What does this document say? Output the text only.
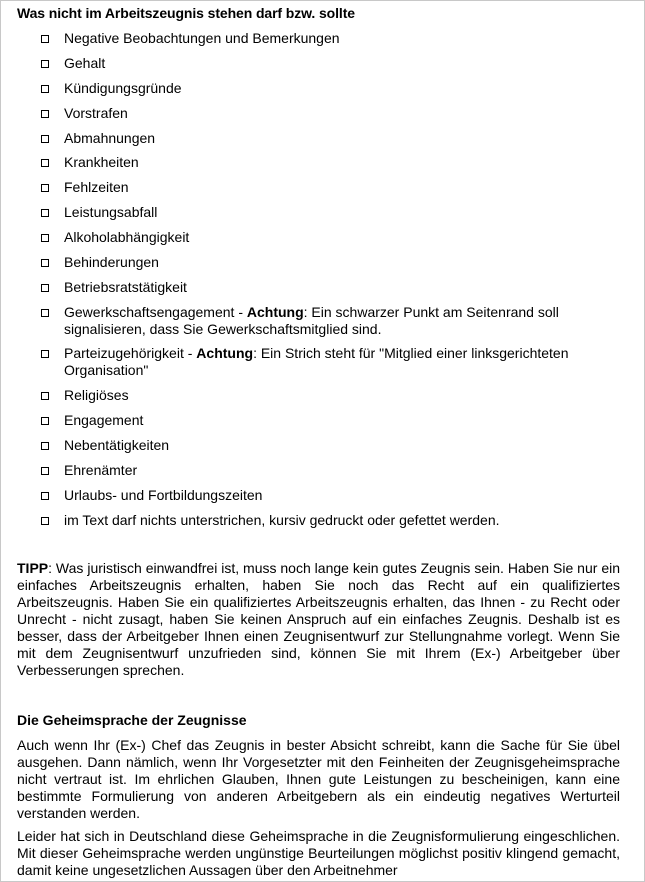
Was nicht im Arbeitszeugnis stehen darf bzw. sollte
Negative Beobachtungen und Bemerkungen
Gehalt
Kündigungsgründe
Vorstrafen
Abmahnungen
Krankheiten
Fehlzeiten
Leistungsabfall
Alkoholabhängigkeit
Behinderungen
Betriebsratstätigkeit
Gewerkschaftsengagement - Achtung: Ein schwarzer Punkt am Seitenrand soll signalisieren, dass Sie Gewerkschaftsmitglied sind.
Parteizugehörigkeit - Achtung: Ein Strich steht für "Mitglied einer linksgerichteten Organisation"
Religiöses
Engagement
Nebentätigkeiten
Ehrenämter
Urlaubs- und Fortbildungszeiten
im Text darf nichts unterstrichen, kursiv gedruckt oder gefettet werden.
TIPP: Was juristisch einwandfrei ist, muss noch lange kein gutes Zeugnis sein. Haben Sie nur ein einfaches Arbeitszeugnis erhalten, haben Sie noch das Recht auf ein qualifiziertes Arbeitszeugnis. Haben Sie ein qualifiziertes Arbeitszeugnis erhalten, das Ihnen - zu Recht oder Unrecht - nicht zusagt, haben Sie keinen Anspruch auf ein einfaches Zeugnis. Deshalb ist es besser, dass der Arbeitgeber Ihnen einen Zeugnisentwurf zur Stellungnahme vorlegt. Wenn Sie mit dem Zeugnisentwurf unzufrieden sind, können Sie mit Ihrem (Ex-) Arbeitgeber über Verbesserungen sprechen.
Die Geheimsprache der Zeugnisse
Auch wenn Ihr (Ex-) Chef das Zeugnis in bester Absicht schreibt, kann die Sache für Sie übel ausgehen. Dann nämlich, wenn Ihr Vorgesetzter mit den Feinheiten der Zeugnisgeheimsprache nicht vertraut ist. Im ehrlichen Glauben, Ihnen gute Leistungen zu bescheinigen, kann eine bestimmte Formulierung von anderen Arbeitgebern als ein eindeutig negatives Werturteil verstanden werden.
Leider hat sich in Deutschland diese Geheimsprache in die Zeugnisformulierung eingeschlichen. Mit dieser Geheimsprache werden ungünstige Beurteilungen möglichst positiv klingend gemacht, damit keine ungesetzlichen Aussagen über den Arbeitnehmer
